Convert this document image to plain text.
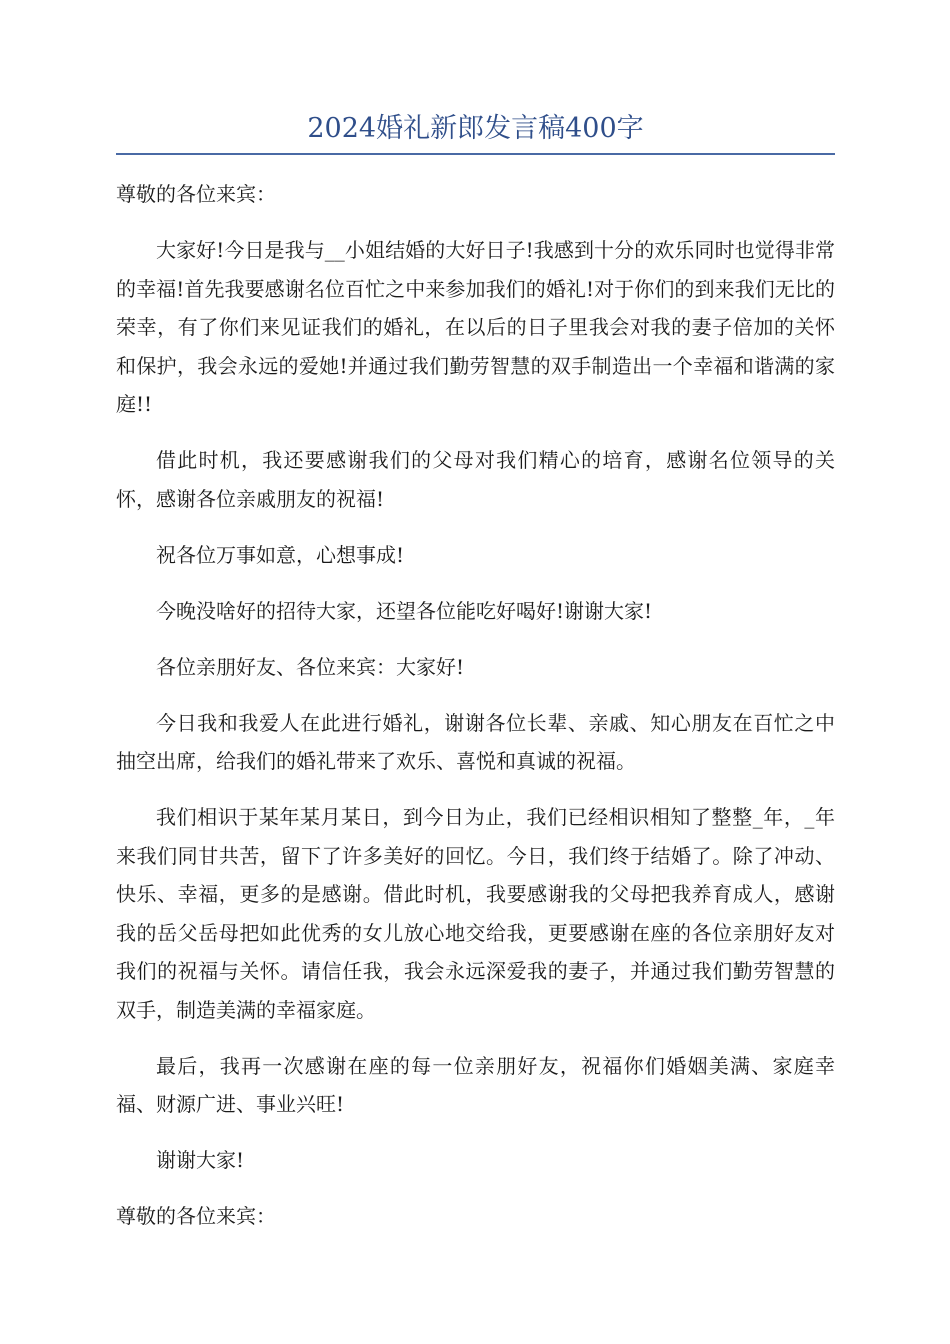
2024婚礼新郎发言稿400字

尊敬的各位来宾：

大家好!今日是我与__小姐结婚的大好日子!我感到十分的欢乐同时也觉得非常的幸福!首先我要感谢名位百忙之中来参加我们的婚礼!对于你们的到来我们无比的荣幸，有了你们来见证我们的婚礼，在以后的日子里我会对我的妻子倍加的关怀和保护，我会永远的爱她!并通过我们勤劳智慧的双手制造出一个幸福和谐满的家庭!!

借此时机，我还要感谢我们的父母对我们精心的培育，感谢名位领导的关怀，感谢各位亲戚朋友的祝福!

祝各位万事如意，心想事成!

今晚没啥好的招待大家，还望各位能吃好喝好!谢谢大家!

各位亲朋好友、各位来宾：大家好!

今日我和我爱人在此进行婚礼，谢谢各位长辈、亲戚、知心朋友在百忙之中抽空出席，给我们的婚礼带来了欢乐、喜悦和真诚的祝福。

我们相识于某年某月某日，到今日为止，我们已经相识相知了整整_年，_年来我们同甘共苦，留下了许多美好的回忆。今日，我们终于结婚了。除了冲动、快乐、幸福，更多的是感谢。借此时机，我要感谢我的父母把我养育成人，感谢我的岳父岳母把如此优秀的女儿放心地交给我，更要感谢在座的各位亲朋好友对我们的祝福与关怀。请信任我，我会永远深爱我的妻子，并通过我们勤劳智慧的双手，制造美满的幸福家庭。

最后，我再一次感谢在座的每一位亲朋好友，祝福你们婚姻美满、家庭幸福、财源广进、事业兴旺!

谢谢大家!

尊敬的各位来宾：
